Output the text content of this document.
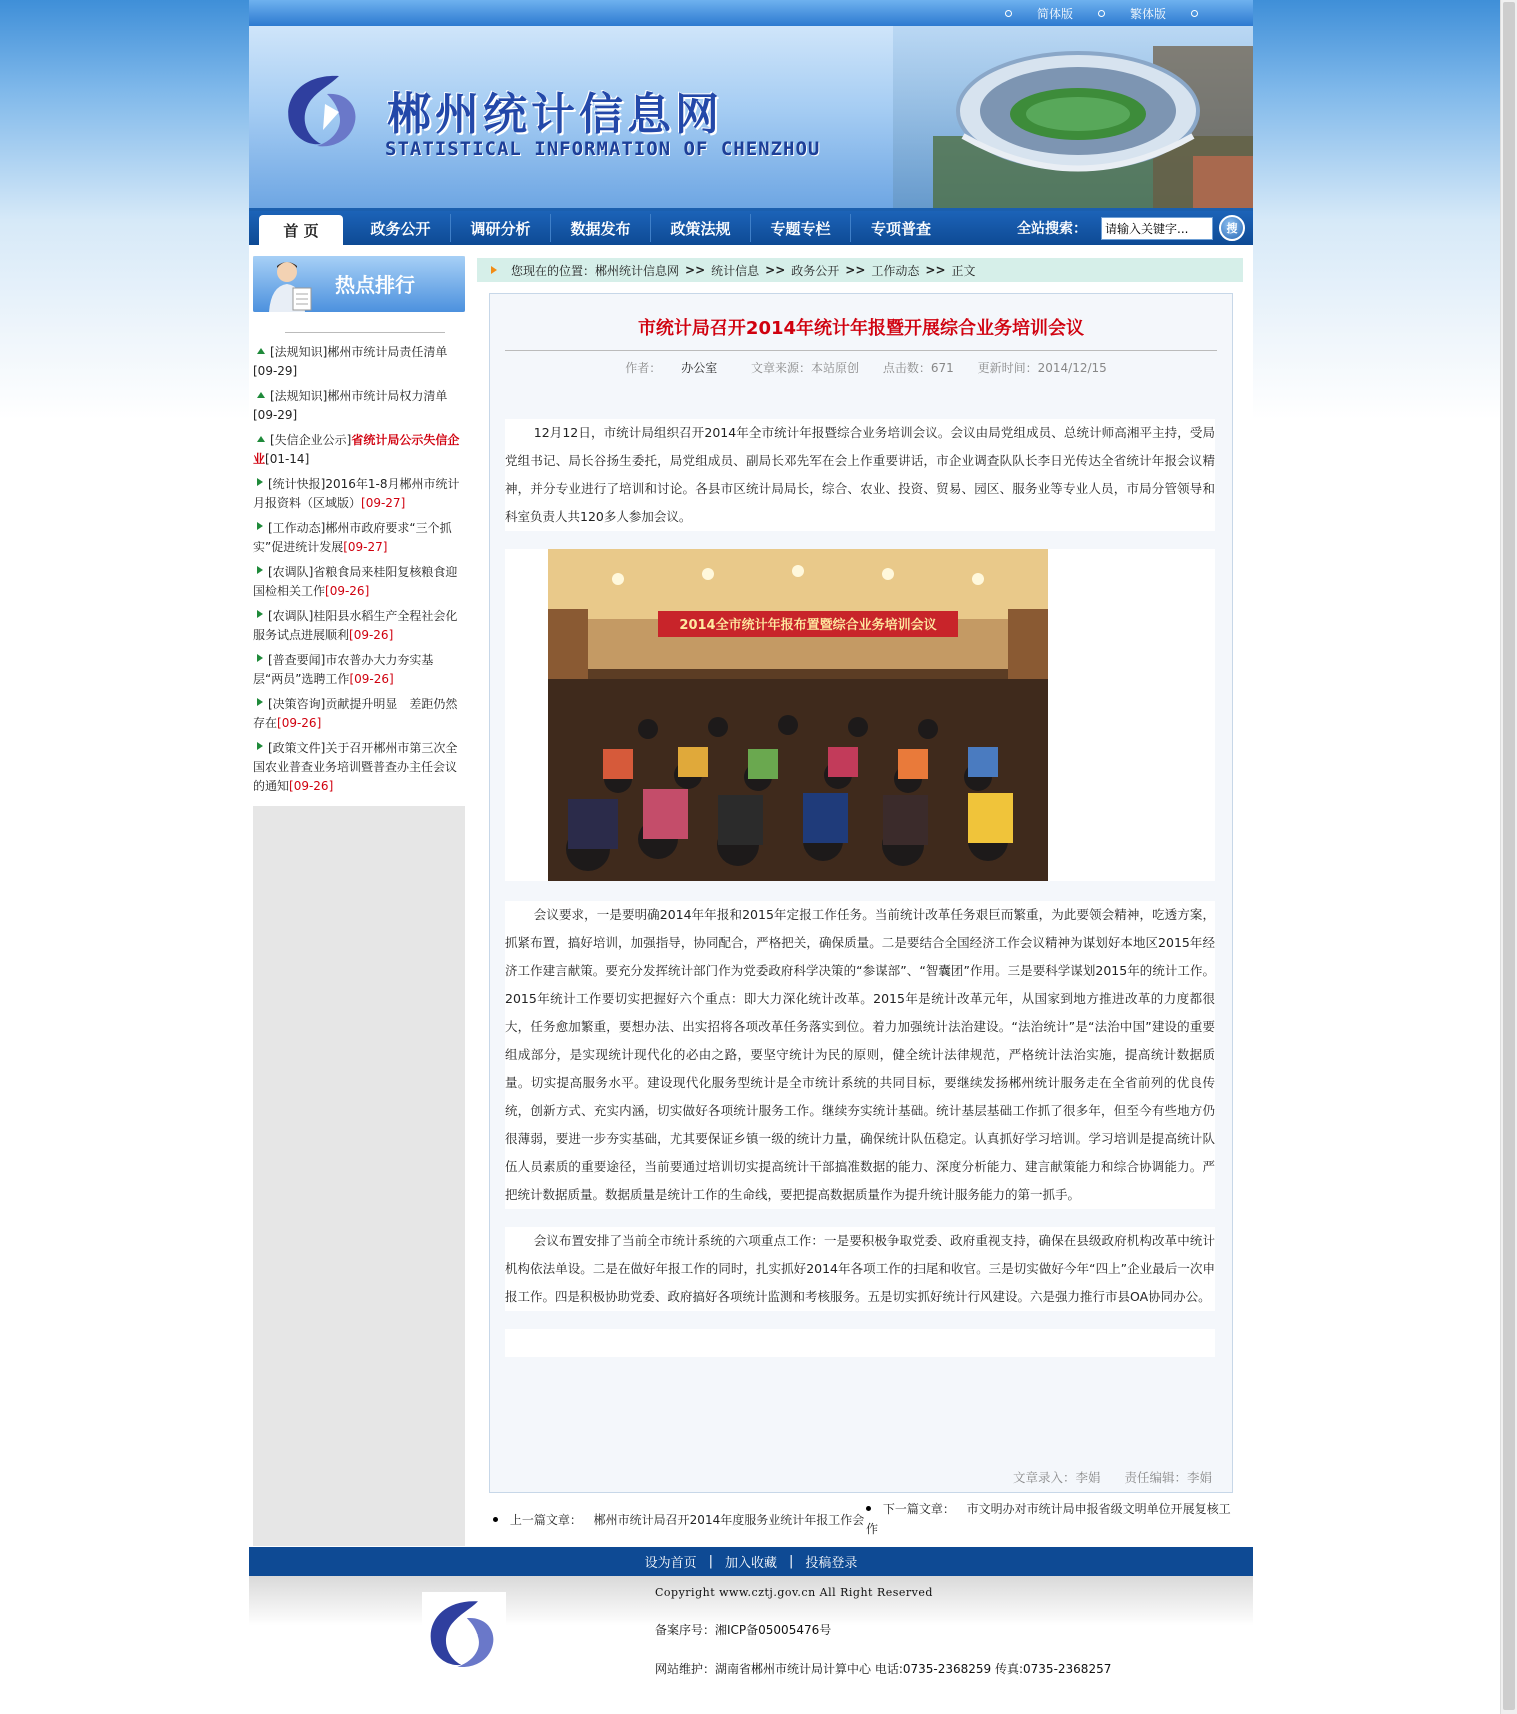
简体版	繁体版
郴州统计信息网
STATISTICAL INFORMATION OF CHENZHOU
首 页	政务公开	调研分析	数据发布	政策法规	专题专栏	专项普查	全站搜索：
请输入关键字...	搜
热点排行
[法规知识]郴州市统计局责任清单[09-29]
[法规知识]郴州市统计局权力清单[09-29]
[失信企业公示]省统计局公示失信企业[01-14]
[统计快报]2016年1-8月郴州市统计月报资料（区域版）[09-27]
[工作动态]郴州市政府要求“三个抓实”促进统计发展[09-27]
[农调队]省粮食局来桂阳复核粮食迎国检相关工作[09-26]
[农调队]桂阳县水稻生产全程社会化服务试点进展顺利[09-26]
[普查要闻]市农普办大力夯实基层“两员”选聘工作[09-26]
[决策咨询]贡献提升明显　差距仍然存在[09-26]
[政策文件]关于召开郴州市第三次全国农业普查业务培训暨普查办主任会议的通知[09-26]
您现在的位置： 郴州统计信息网 >> 统计信息 >> 政务公开 >> 工作动态 >> 正文
市统计局召开2014年统计年报暨开展综合业务培训会议
作者： 办公室	文章来源：本站原创 点击数：671 更新时间：2014/12/15
12月12日，市统计局组织召开2014年全市统计年报暨综合业务培训会议。会议由局党组成员、总统计师高湘平主持，受局党组书记、局长谷扬生委托，局党组成员、副局长邓先军在会上作重要讲话，市企业调查队队长李日光传达全省统计年报会议精神，并分专业进行了培训和讨论。各县市区统计局局长，综合、农业、投资、贸易、园区、服务业等专业人员，市局分管领导和科室负责人共120多人参加会议。
2014全市统计年报布置暨综合业务培训会议
会议要求，一是要明确2014年年报和2015年定报工作任务。当前统计改革任务艰巨而繁重，为此要领会精神，吃透方案，抓紧布置，搞好培训，加强指导，协同配合，严格把关，确保质量。二是要结合全国经济工作会议精神为谋划好本地区2015年经济工作建言献策。要充分发挥统计部门作为党委政府科学决策的“参谋部”、“智囊团”作用。三是要科学谋划2015年的统计工作。2015年统计工作要切实把握好六个重点：即大力深化统计改革。2015年是统计改革元年，从国家到地方推进改革的力度都很大，任务愈加繁重，要想办法、出实招将各项改革任务落实到位。着力加强统计法治建设。“法治统计”是“法治中国”建设的重要组成部分，是实现统计现代化的必由之路，要坚守统计为民的原则，健全统计法律规范，严格统计法治实施，提高统计数据质量。切实提高服务水平。建设现代化服务型统计是全市统计系统的共同目标，要继续发扬郴州统计服务走在全省前列的优良传统，创新方式、充实内涵，切实做好各项统计服务工作。继续夯实统计基础。统计基层基础工作抓了很多年，但至今有些地方仍很薄弱，要进一步夯实基础，尤其要保证乡镇一级的统计力量，确保统计队伍稳定。认真抓好学习培训。学习培训是提高统计队伍人员素质的重要途径，当前要通过培训切实提高统计干部搞准数据的能力、深度分析能力、建言献策能力和综合协调能力。严把统计数据质量。数据质量是统计工作的生命线，要把提高数据质量作为提升统计服务能力的第一抓手。
会议布置安排了当前全市统计系统的六项重点工作：一是要积极争取党委、政府重视支持，确保在县级政府机构改革中统计机构依法单设。二是在做好年报工作的同时，扎实抓好2014年各项工作的扫尾和收官。三是切实做好今年“四上”企业最后一次申报工作。四是积极协助党委、政府搞好各项统计监测和考核服务。五是切实抓好统计行风建设。六是强力推行市县OA协同办公。
文章录入：李娟 责任编辑：李娟
上一篇文章： 郴州市统计局召开2014年度服务业统计年报工作会
下一篇文章： 市文明办对市统计局申报省级文明单位开展复核工作
设为首页 | 加入收藏 | 投稿登录
Copyright www.cztj.gov.cn All Right Reserved
备案序号：湘ICP备05005476号
网站维护：湖南省郴州市统计局计算中心 电话:0735-2368259 传真:0735-2368257
